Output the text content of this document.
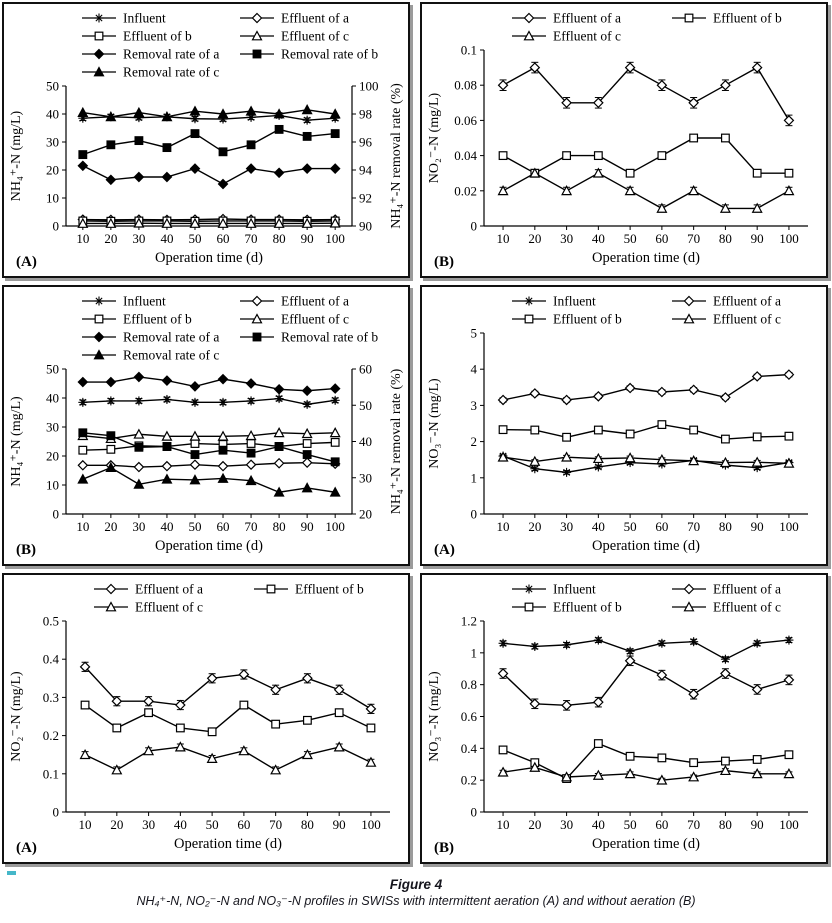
0
10
20
30
40
50
90
92
94
96
98
100
10 20 30 40 50 60 70 80 90 100
Operation time (d)
NH₄⁺-N (mg/L)	NH₄⁺-N removal rate (%)
(A)
Influent	Effluent of a
Effluent of b	Effluent of c
Removal rate of a	Removal rate of b
Removal rate of c
0
0.02
0.04
0.06
0.08
0.1
10 20 30 40 50 60 70 80 90 100
Operation time (d)
NO₂⁻-N (mg/L)
(B)
Effluent of a	Effluent of b
Effluent of c
0
10
20
30
40
50
20
30
40
50
60
10 20 30 40 50 60 70 80 90 100
Operation time (d)
NH₄⁺-N (mg/L)	NH₄⁺-N removal rate (%)
(B)
Influent	Effluent of a
Effluent of b	Effluent of c
Removal rate of a	Removal rate of b
Removal rate of c
0
1
2
3
4
5
10 20 30 40 50 60 70 80 90 100
Operation time (d)
NO₃⁻-N (mg/L)
(A)
Influent	Effluent of a
Effluent of b	Effluent of c
0
0.1
0.2
0.3
0.4
0.5
10 20 30 40 50 60 70 80 90 100
Operation time (d)
NO₂⁻-N (mg/L)
(A)
Effluent of a	Effluent of b
Effluent of c
0
0.2
0.4
0.6
0.8
1
1.2
10 20 30 40 50 60 70 80 90 100
Operation time (d)
NO₃⁻-N (mg/L)
(B)
Influent	Effluent of a
Effluent of b	Effluent of c
Figure 4
NH₄⁺-N, NO₂⁻-N and NO₃⁻-N profiles in SWISs with intermittent aeration (A) and without aeration (B)
